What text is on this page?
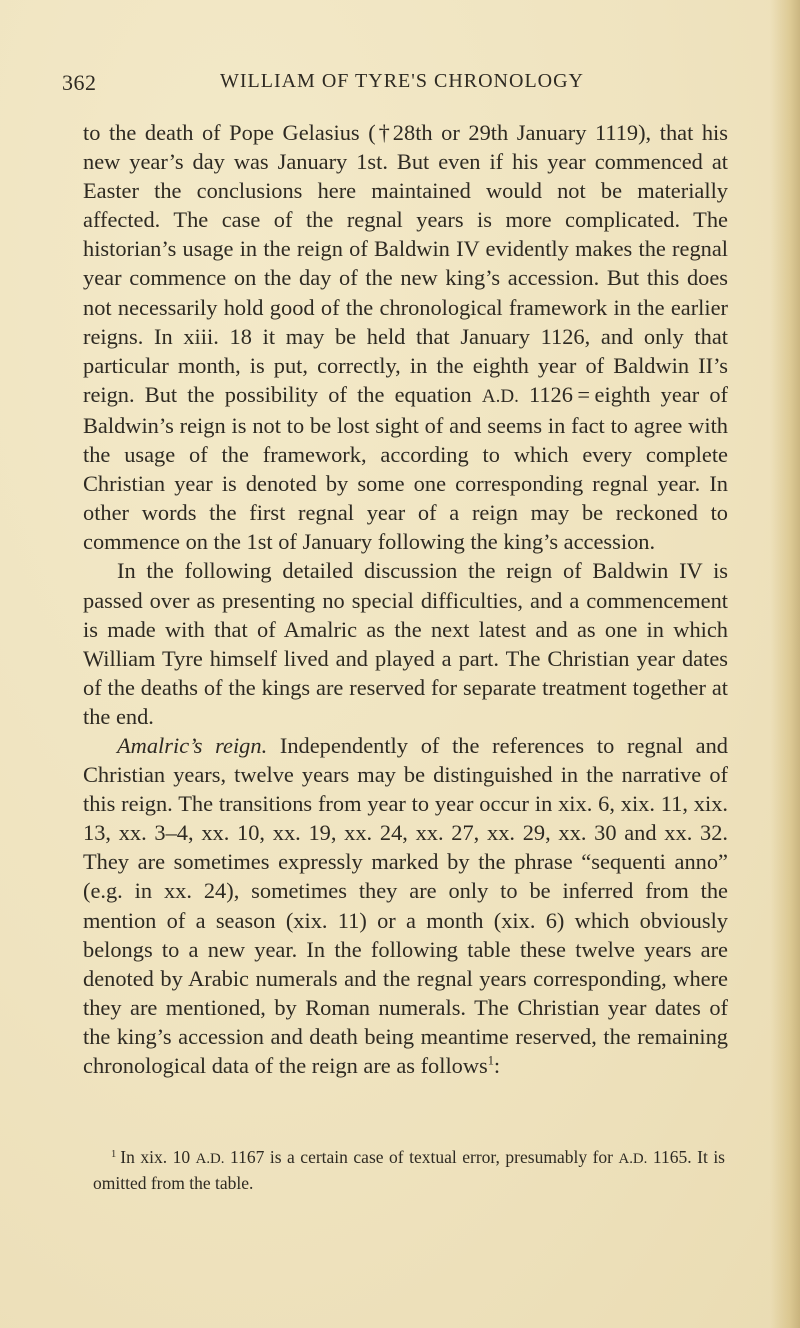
362	WILLIAM OF TYRE'S CHRONOLOGY

to the death of Pope Gelasius (†28th or 29th January 1119), that his new year’s day was January 1st. But even if his year commenced at Easter the conclusions here maintained would not be materially affected. The case of the regnal years is more complicated. The historian’s usage in the reign of Baldwin IV evidently makes the regnal year commence on the day of the new king’s accession. But this does not necessarily hold good of the chronological framework in the earlier reigns. In xiii. 18 it may be held that January 1126, and only that particular month, is put, correctly, in the eighth year of Baldwin II’s reign. But the possibility of the equation A.D. 1126 = eighth year of Baldwin’s reign is not to be lost sight of and seems in fact to agree with the usage of the framework, according to which every complete Christian year is denoted by some one corresponding regnal year. In other words the first regnal year of a reign may be reckoned to commence on the 1st of January following the king’s accession.

In the following detailed discussion the reign of Baldwin IV is passed over as presenting no special difficulties, and a commencement is made with that of Amalric as the next latest and as one in which William Tyre himself lived and played a part. The Christian year dates of the deaths of the kings are reserved for separate treatment together at the end.

Amalric’s reign. Independently of the references to regnal and Christian years, twelve years may be distinguished in the narrative of this reign. The transitions from year to year occur in xix. 6, xix. 11, xix. 13, xx. 3–4, xx. 10, xx. 19, xx. 24, xx. 27, xx. 29, xx. 30 and xx. 32. They are sometimes expressly marked by the phrase “sequenti anno” (e.g. in xx. 24), sometimes they are only to be inferred from the mention of a season (xix. 11) or a month (xix. 6) which obviously belongs to a new year. In the following table these twelve years are denoted by Arabic numerals and the regnal years corresponding, where they are mentioned, by Roman numerals. The Christian year dates of the king’s accession and death being meantime reserved, the remaining chronological data of the reign are as follows$^1$:

$^1$ In xix. 10 A.D. 1167 is a certain case of textual error, presumably for A.D. 1165. It is omitted from the table.
